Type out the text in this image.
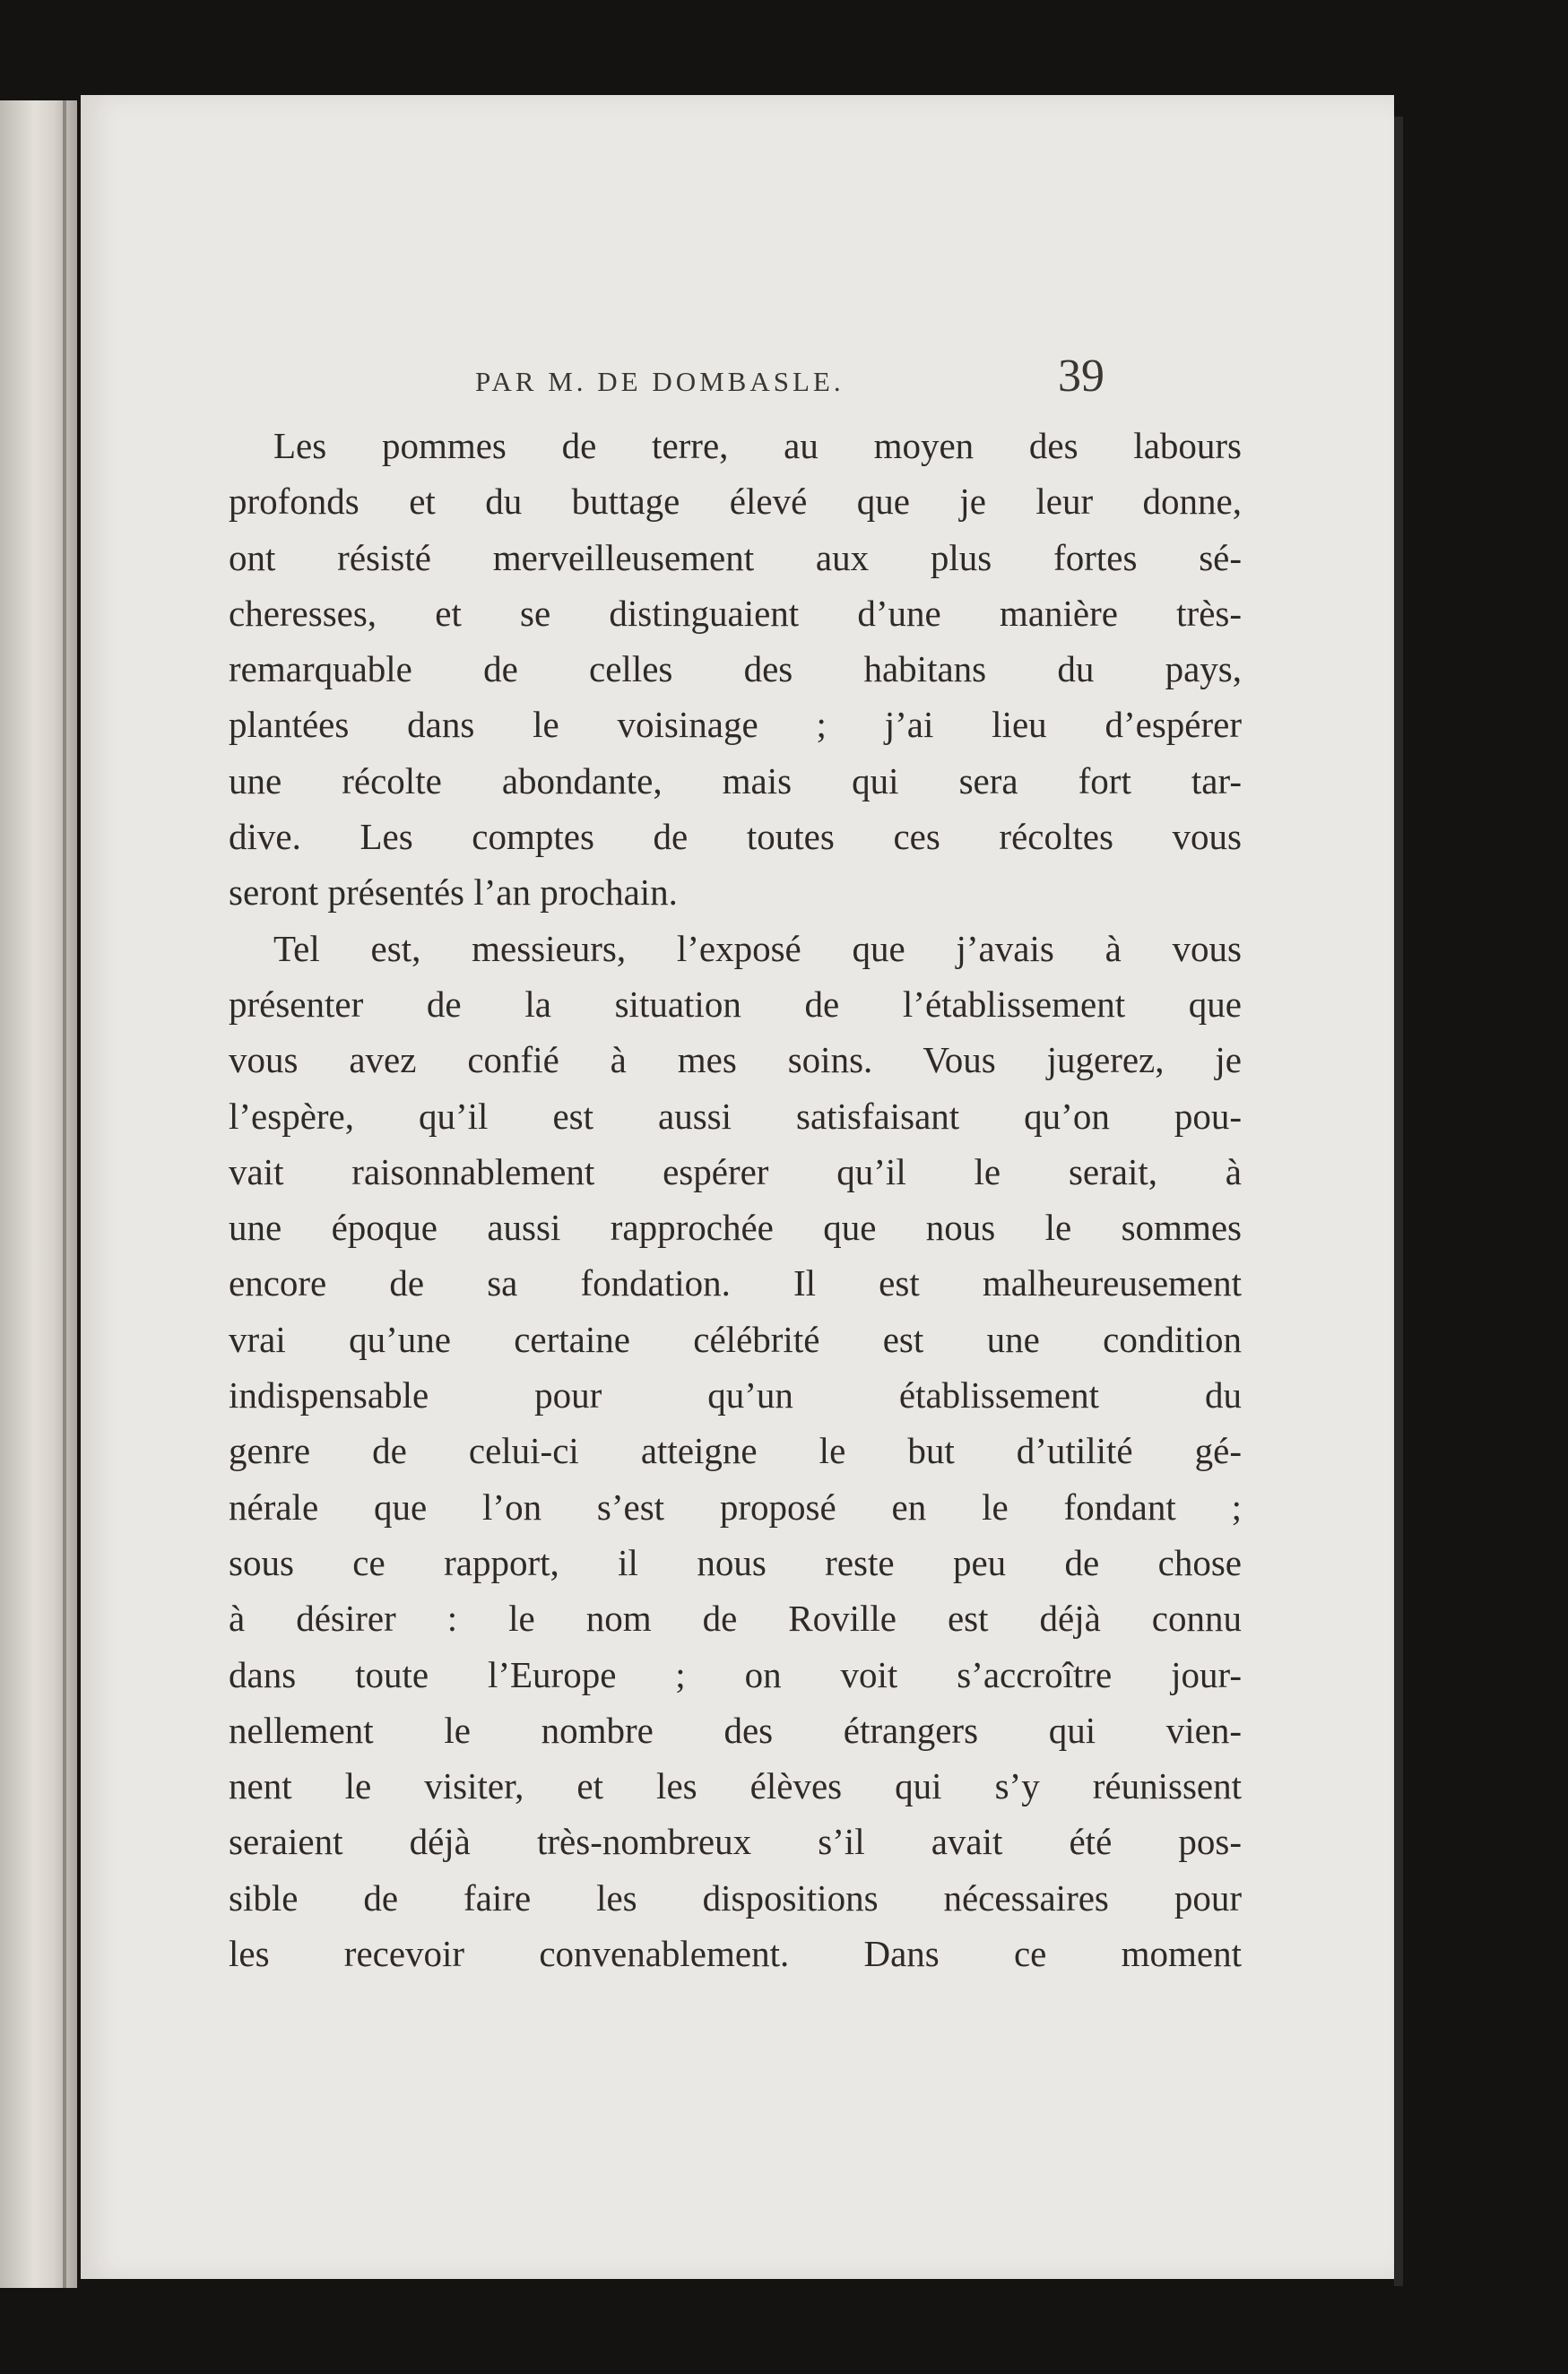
PAR M. DE DOMBASLE.	39
Les pommes de terre, au moyen des labours
profonds et du buttage élevé que je leur donne,
ont résisté merveilleusement aux plus fortes sé-
cheresses, et se distinguaient d’une manière très-
remarquable de celles des habitans du pays,
plantées dans le voisinage ; j’ai lieu d’espérer
une récolte abondante, mais qui sera fort tar-
dive. Les comptes de toutes ces récoltes vous
seront présentés l’an prochain.
Tel est, messieurs, l’exposé que j’avais à vous
présenter de la situation de l’établissement que
vous avez confié à mes soins. Vous jugerez, je
l’espère, qu’il est aussi satisfaisant qu’on pou-
vait raisonnablement espérer qu’il le serait, à
une époque aussi rapprochée que nous le sommes
encore de sa fondation. Il est malheureusement
vrai qu’une certaine célébrité est une condition
indispensable pour qu’un établissement du
genre de celui-ci atteigne le but d’utilité gé-
nérale que l’on s’est proposé en le fondant ;
sous ce rapport, il nous reste peu de chose
à désirer : le nom de Roville est déjà connu
dans toute l’Europe ; on voit s’accroître jour-
nellement le nombre des étrangers qui vien-
nent le visiter, et les élèves qui s’y réunissent
seraient déjà très-nombreux s’il avait été pos-
sible de faire les dispositions nécessaires pour
les recevoir convenablement. Dans ce moment
